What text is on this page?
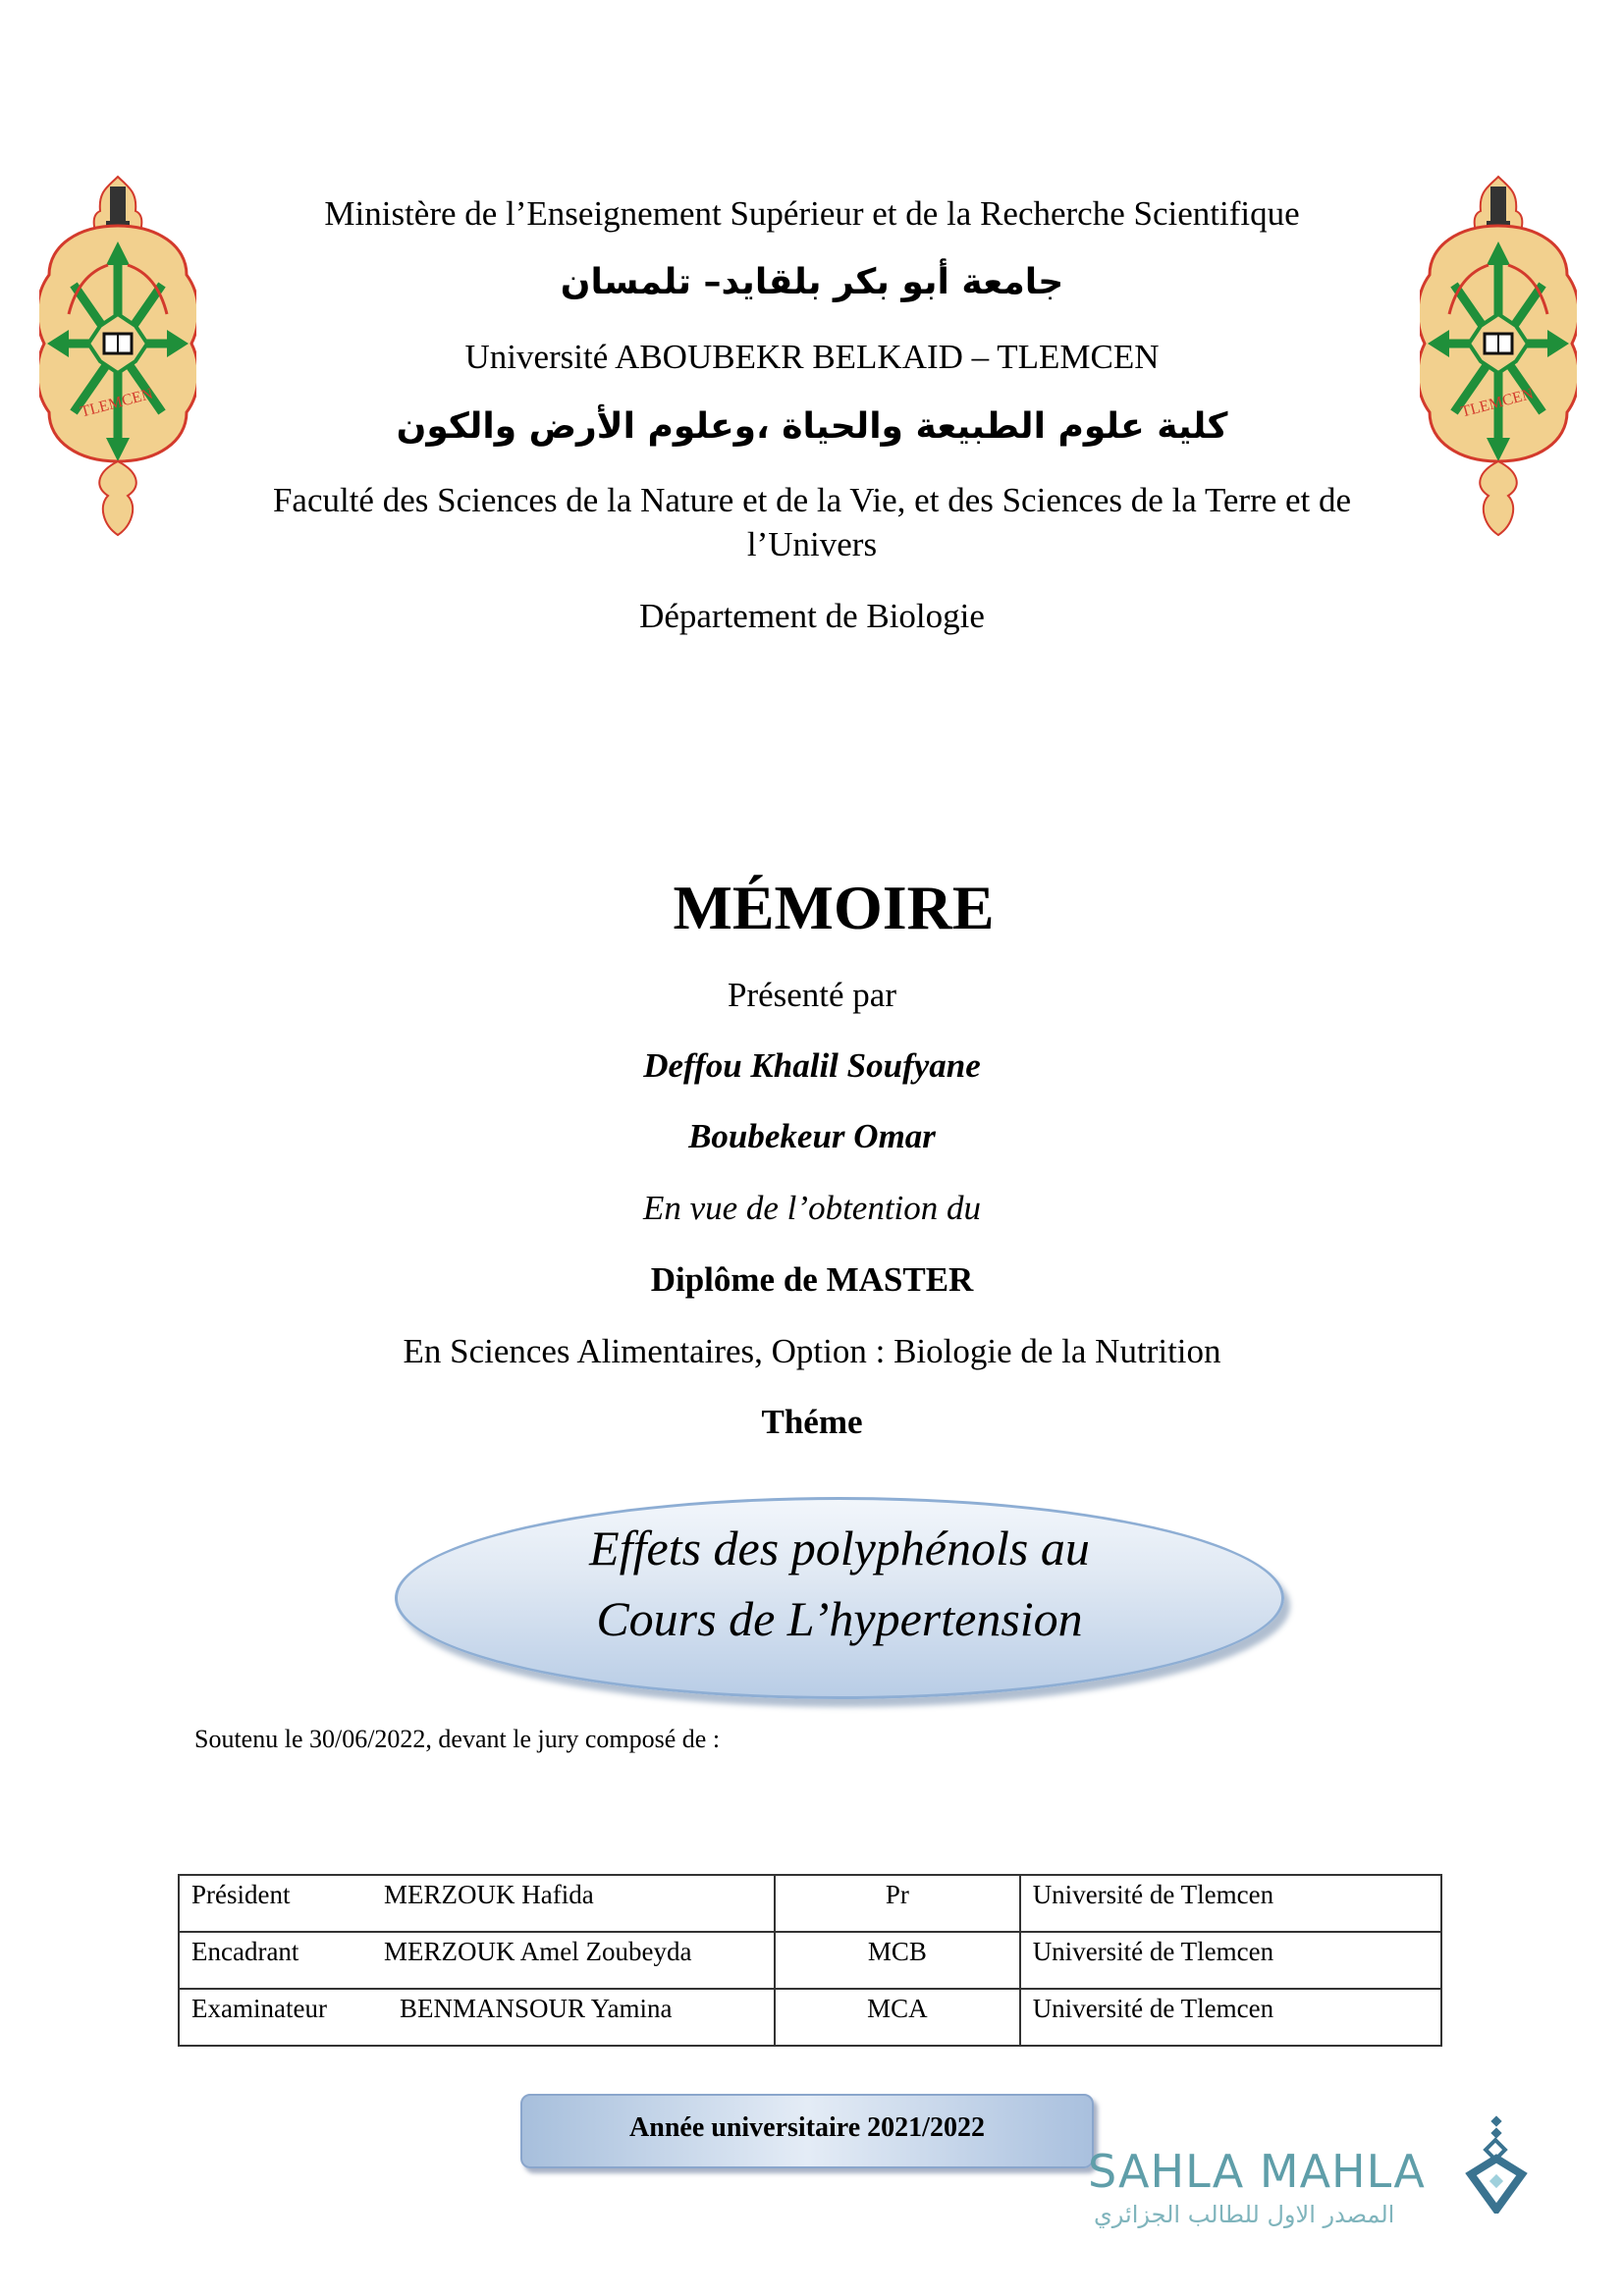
TLEMCEN	TLEMCEN
Ministère de l’Enseignement Supérieur et de la Recherche Scientifique
جامعة أبو بكر بلقايد– تلمسان
Université ABOUBEKR BELKAID – TLEMCEN
كلية علوم الطبيعة والحياة ،وعلوم الأرض والكون
Faculté des Sciences de la Nature et de la Vie, et des Sciences de la Terre et de
l’Univers
Département de Biologie
MÉMOIRE
Présenté par
Deffou Khalil Soufyane
Boubekeur Omar
En vue de l’obtention du
Diplôme de MASTER
En Sciences Alimentaires, Option : Biologie de la Nutrition
Théme
Effets des polyphénols au
Cours de L’hypertension
Soutenu le 30/06/2022, devant le jury composé de :
Président MERZOUK Hafida	Pr	Université de Tlemcen
Encadrant MERZOUK Amel Zoubeyda	MCB	Université de Tlemcen
Examinateur BENMANSOUR Yamina	MCA	Université de Tlemcen
Année universitaire 2021/2022
SAHLA MAHLA
المصدر الاول للطالب الجزائري
